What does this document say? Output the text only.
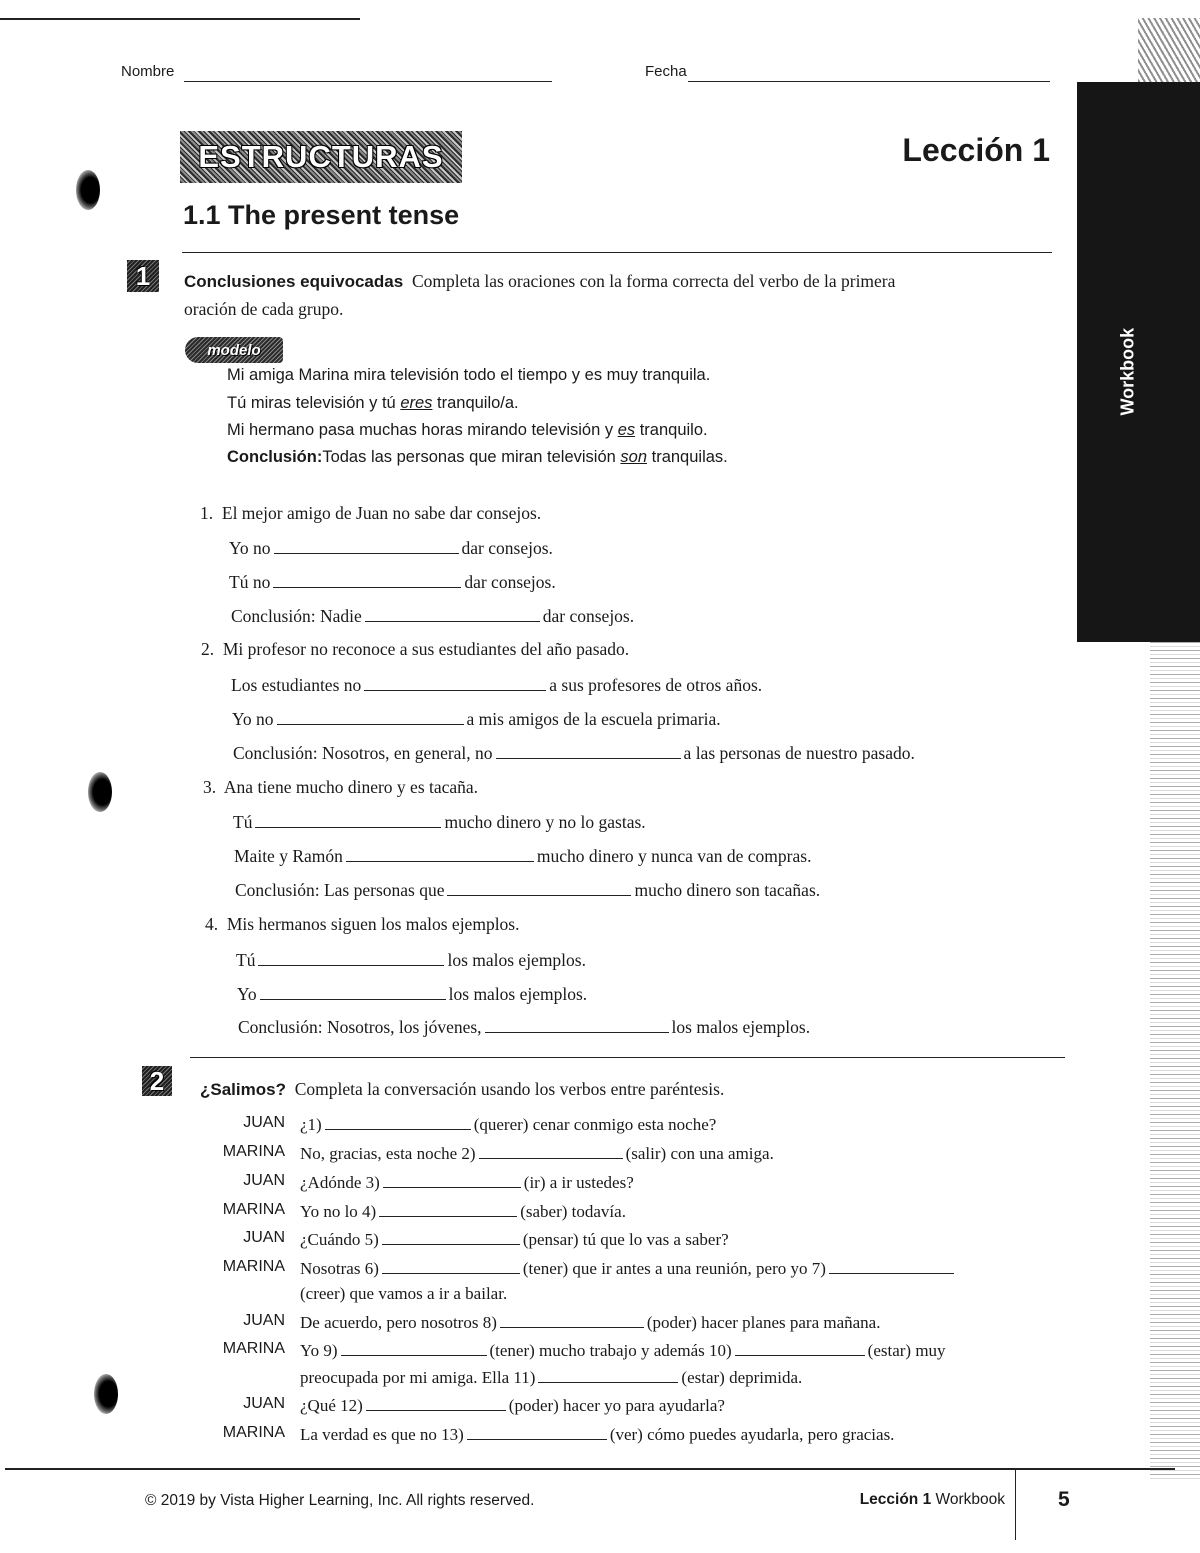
Workbook
Nombre	Fecha
ESTRUCTURAS	Lección 1
1.1 The present tense
1	Conclusiones equivocadas Completa las oraciones con la forma correcta del verbo de la primera
oración de cada grupo.
modelo
Mi amiga Marina mira televisión todo el tiempo y es muy tranquila.
Tú miras televisión y tú eres tranquilo/a.
Mi hermano pasa muchas horas mirando televisión y es tranquilo.
Conclusión:Todas las personas que miran televisión son tranquilas.
1. El mejor amigo de Juan no sabe dar consejos.
Yo no	dar consejos.
Tú no	dar consejos.
Conclusión: Nadie	dar consejos.
2. Mi profesor no reconoce a sus estudiantes del año pasado.
Los estudiantes no	a sus profesores de otros años.
Yo no	a mis amigos de la escuela primaria.
Conclusión: Nosotros, en general, no	a las personas de nuestro pasado.
3. Ana tiene mucho dinero y es tacaña.
Tú	mucho dinero y no lo gastas.
Maite y Ramón	mucho dinero y nunca van de compras.
Conclusión: Las personas que	mucho dinero son tacañas.
4. Mis hermanos siguen los malos ejemplos.
Tú	los malos ejemplos.
Yo	los malos ejemplos.
Conclusión: Nosotros, los jóvenes,	los malos ejemplos.
2	¿Salimos? Completa la conversación usando los verbos entre paréntesis.
JUAN ¿1)	(querer) cenar conmigo esta noche?
MARINA No, gracias, esta noche 2)	(salir) con una amiga.
JUAN ¿Adónde 3)	(ir) a ir ustedes?
MARINA Yo no lo 4)	(saber) todavía.
JUAN ¿Cuándo 5)	(pensar) tú que lo vas a saber?
MARINA Nosotras 6)	(tener) que ir antes a una reunión, pero yo 7)
(creer) que vamos a ir a bailar.
JUAN De acuerdo, pero nosotros 8)	(poder) hacer planes para mañana.
MARINA Yo 9)	(tener) mucho trabajo y además 10)	(estar) muy
preocupada por mi amiga. Ella 11)	(estar) deprimida.
JUAN ¿Qué 12)	(poder) hacer yo para ayudarla?
MARINA La verdad es que no 13)	(ver) cómo puedes ayudarla, pero gracias.
© 2019 by Vista Higher Learning, Inc. All rights reserved.	Lección 1 Workbook	5
